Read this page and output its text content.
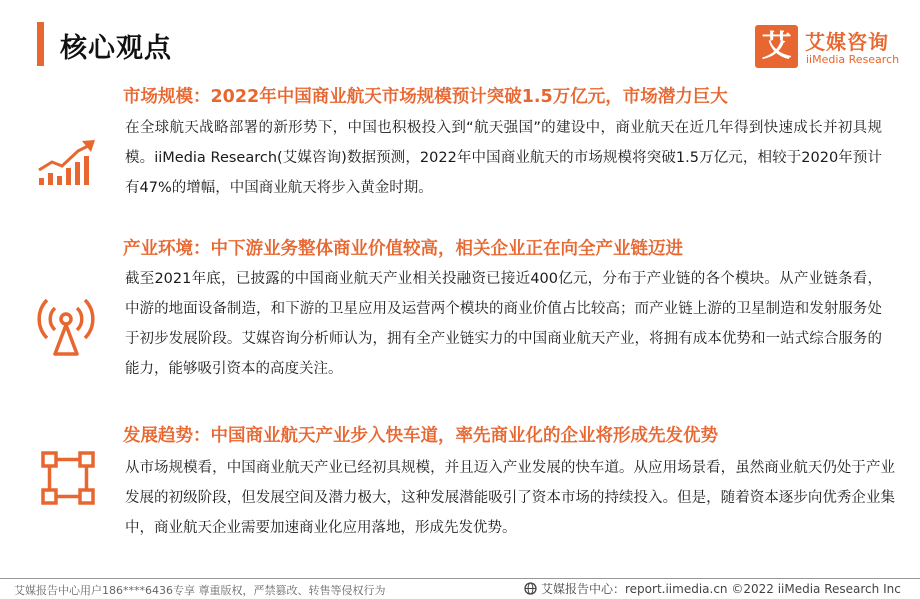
核心观点	艾 艾媒咨询
iiMedia Research
市场规模：2022年中国商业航天市场规模预计突破1.5万亿元，市场潜力巨大
在全球航天战略部署的新形势下，中国也积极投入到“航天强国”的建设中，商业航天在近几年得到快速成长并初具规模。iiMedia Research(艾媒咨询)数据预测，2022年中国商业航天的市场规模将突破1.5万亿元，相较于2020年预计有47%的增幅，中国商业航天将步入黄金时期。
产业环境：中下游业务整体商业价值较高，相关企业正在向全产业链迈进
截至2021年底，已披露的中国商业航天产业相关投融资已接近400亿元，分布于产业链的各个模块。从产业链条看，中游的地面设备制造，和下游的卫星应用及运营两个模块的商业价值占比较高；而产业链上游的卫星制造和发射服务处于初步发展阶段。艾媒咨询分析师认为，拥有全产业链实力的中国商业航天产业，将拥有成本优势和一站式综合服务的能力，能够吸引资本的高度关注。
发展趋势：中国商业航天产业步入快车道，率先商业化的企业将形成先发优势
从市场规模看，中国商业航天产业已经初具规模，并且迈入产业发展的快车道。从应用场景看，虽然商业航天仍处于产业发展的初级阶段，但发展空间及潜力极大，这种发展潜能吸引了资本市场的持续投入。但是，随着资本逐步向优秀企业集中，商业航天企业需要加速商业化应用落地，形成先发优势。
艾媒报告中心用户186****6436专享 尊重版权，严禁篡改、转售等侵权行为	艾媒报告中心：report.iimedia.cn ©2022 iiMedia Research Inc
